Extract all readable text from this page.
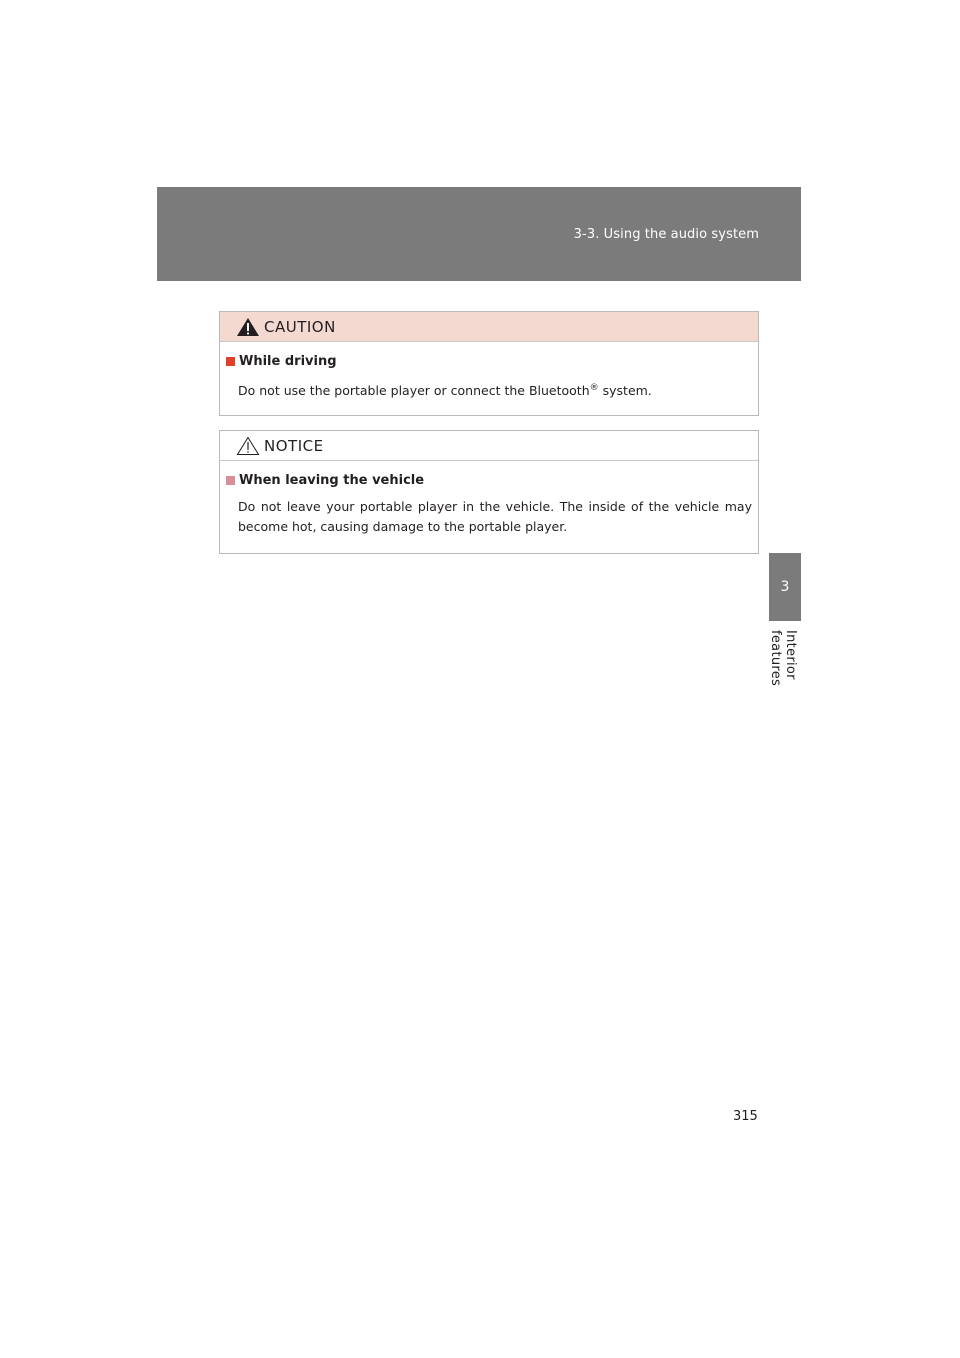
3-3. Using the audio system
3
Interior features
CAUTION
While driving
Do not use the portable player or connect the Bluetooth® system.
NOTICE
When leaving the vehicle
Do not leave your portable player in the vehicle. The inside of the vehicle may become hot, causing damage to the portable player.
315
